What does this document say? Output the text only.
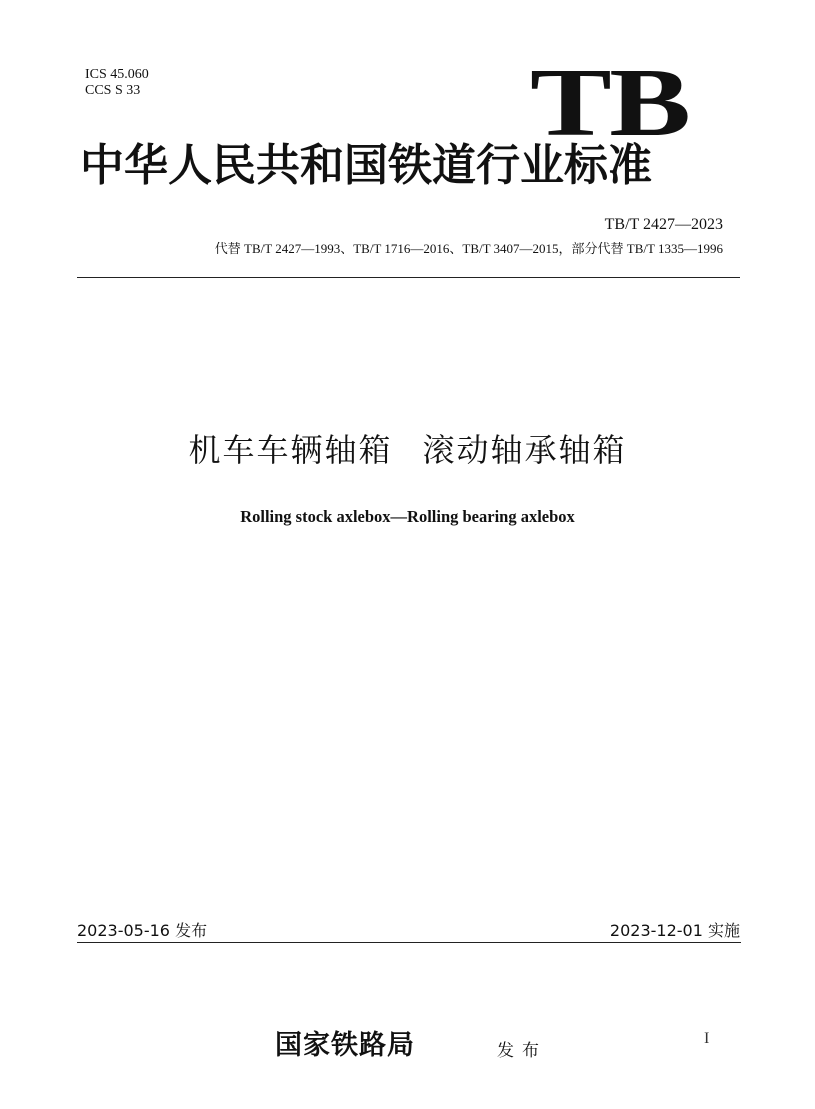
ICS 45.060
CCS S 33	TB
中华人民共和国铁道行业标准
TB/T 2427—2023
代替 TB/T 2427—1993、TB/T 1716—2016、TB/T 3407—2015，部分代替 TB/T 1335—1996
机车车辆轴箱 滚动轴承轴箱
Rolling stock axlebox—Rolling bearing axlebox
2023-05-16 发布	2023-12-01 实施
国家铁路局	发布
I
